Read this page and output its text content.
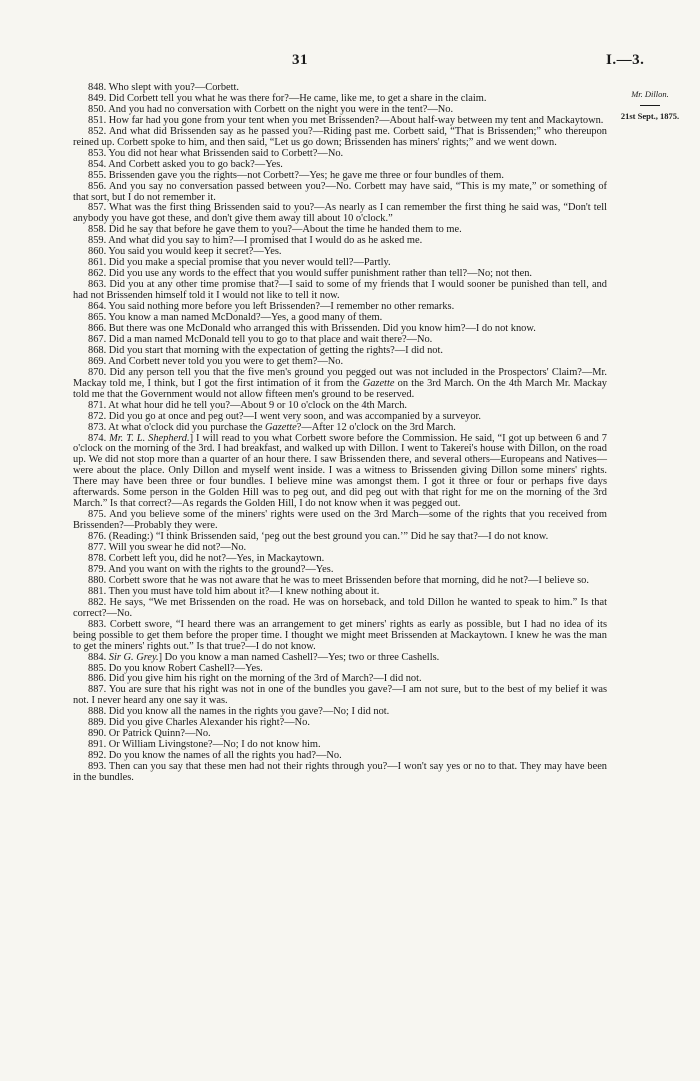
31	I.—3.
Mr. Dillon.
21st Sept., 1875.

848. Who slept with you?—Corbett.

849. Did Corbett tell you what he was there for?—He came, like me, to get a share in the claim.

850. And you had no conversation with Corbett on the night you were in the tent?—No.

851. How far had you gone from your tent when you met Brissenden?—About half-way between my tent and Mackaytown.

852. And what did Brissenden say as he passed you?—Riding past me. Corbett said, “That is Brissenden;” who thereupon reined up. Corbett spoke to him, and then said, “Let us go down; Brissenden has miners' rights;” and we went down.

853. You did not hear what Brissenden said to Corbett?—No.

854. And Corbett asked you to go back?—Yes.

855. Brissenden gave you the rights—not Corbett?—Yes; he gave me three or four bundles of them.

856. And you say no conversation passed between you?—No. Corbett may have said, “This is my mate,” or something of that sort, but I do not remember it.

857. What was the first thing Brissenden said to you?—As nearly as I can remember the first thing he said was, “Don't tell anybody you have got these, and don't give them away till about 10 o'clock.”

858. Did he say that before he gave them to you?—About the time he handed them to me.

859. And what did you say to him?—I promised that I would do as he asked me.

860. You said you would keep it secret?—Yes.

861. Did you make a special promise that you never would tell?—Partly.

862. Did you use any words to the effect that you would suffer punishment rather than tell?—No; not then.

863. Did you at any other time promise that?—I said to some of my friends that I would sooner be punished than tell, and had not Brissenden himself told it I would not like to tell it now.

864. You said nothing more before you left Brissenden?—I remember no other remarks.

865. You know a man named McDonald?—Yes, a good many of them.

866. But there was one McDonald who arranged this with Brissenden. Did you know him?—I do not know.

867. Did a man named McDonald tell you to go to that place and wait there?—No.

868. Did you start that morning with the expectation of getting the rights?—I did not.

869. And Corbett never told you you were to get them?—No.

870. Did any person tell you that the five men's ground you pegged out was not included in the Prospectors' Claim?—Mr. Mackay told me, I think, but I got the first intimation of it from the Gazette on the 3rd March. On the 4th March Mr. Mackay told me that the Government would not allow fifteen men's ground to be reserved.

871. At what hour did he tell you?—About 9 or 10 o'clock on the 4th March.

872. Did you go at once and peg out?—I went very soon, and was accompanied by a surveyor.

873. At what o'clock did you purchase the Gazette?—After 12 o'clock on the 3rd March.

874. Mr. T. L. Shepherd.] I will read to you what Corbett swore before the Commission. He said, “I got up between 6 and 7 o'clock on the morning of the 3rd. I had breakfast, and walked up with Dillon. I went to Takerei's house with Dillon, on the road up. We did not stop more than a quarter of an hour there. I saw Brissenden there, and several others—Europeans and Natives—were about the place. Only Dillon and myself went inside. I was a witness to Brissenden giving Dillon some miners' rights. There may have been three or four bundles. I believe mine was amongst them. I got it three or four or perhaps five days afterwards. Some person in the Golden Hill was to peg out, and did peg out with that right for me on the morning of the 3rd March.” Is that correct?—As regards the Golden Hill, I do not know when it was pegged out.

875. And you believe some of the miners' rights were used on the 3rd March—some of the rights that you received from Brissenden?—Probably they were.

876. (Reading:) “I think Brissenden said, ‘peg out the best ground you can.’” Did he say that?—I do not know.

877. Will you swear he did not?—No.

878. Corbett left you, did he not?—Yes, in Mackaytown.

879. And you want on with the rights to the ground?—Yes.

880. Corbett swore that he was not aware that he was to meet Brissenden before that morning, did he not?—I believe so.

881. Then you must have told him about it?—I knew nothing about it.

882. He says, “We met Brissenden on the road. He was on horseback, and told Dillon he wanted to speak to him.” Is that correct?—No.

883. Corbett swore, “I heard there was an arrangement to get miners' rights as early as possible, but I had no idea of its being possible to get them before the proper time. I thought we might meet Brissenden at Mackaytown. I knew he was the man to get the miners' rights out.” Is that true?—I do not know.

884. Sir G. Grey.] Do you know a man named Cashell?—Yes; two or three Cashells.

885. Do you know Robert Cashell?—Yes.

886. Did you give him his right on the morning of the 3rd of March?—I did not.

887. You are sure that his right was not in one of the bundles you gave?—I am not sure, but to the best of my belief it was not. I never heard any one say it was.

888. Did you know all the names in the rights you gave?—No; I did not.

889. Did you give Charles Alexander his right?—No.

890. Or Patrick Quinn?—No.

891. Or William Livingstone?—No; I do not know him.

892. Do you know the names of all the rights you had?—No.

893. Then can you say that these men had not their rights through you?—I won't say yes or no to that. They may have been in the bundles.
